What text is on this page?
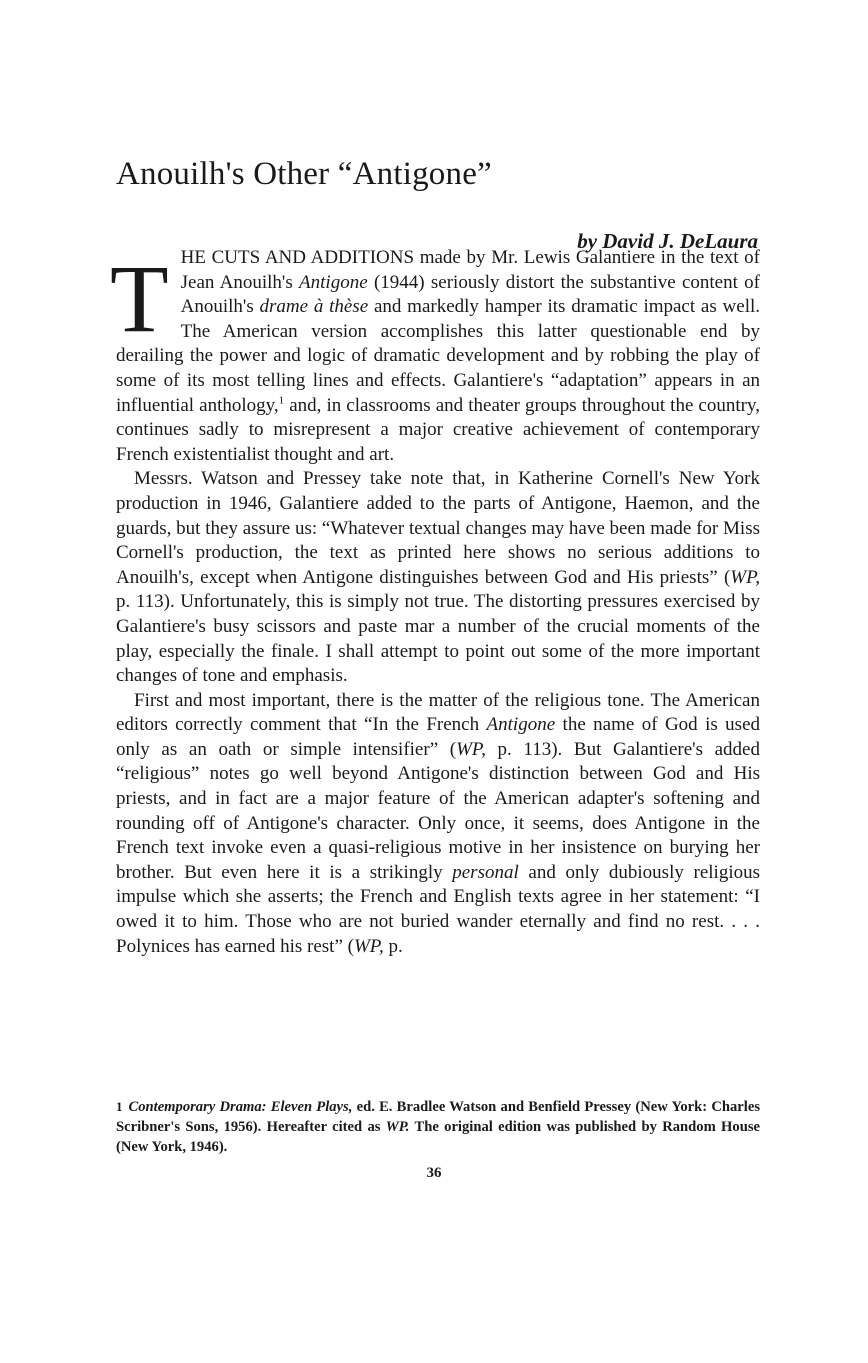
Anouilh's Other “Antigone”
by David J. DeLaura

T HE CUTS AND ADDITIONS made by Mr. Lewis Galantiere in the text of Jean Anouilh's Antigone (1944) seriously distort the substantive content of Anouilh's drame à thèse and markedly hamper its dramatic impact as well. The American version accomplishes this latter questionable end by derailing the power and logic of dramatic development and by robbing the play of some of its most telling lines and effects. Galantiere's “adaptation” appears in an influential anthology,$^1$ and, in classrooms and theater groups throughout the country, continues sadly to misrepresent a major creative achievement of contemporary French existentialist thought and art.

Messrs. Watson and Pressey take note that, in Katherine Cornell's New York production in 1946, Galantiere added to the parts of Antigone, Haemon, and the guards, but they assure us: “Whatever textual changes may have been made for Miss Cornell's production, the text as printed here shows no serious additions to Anouilh's, except when Antigone distinguishes between God and His priests” (WP, p. 113). Unfortunately, this is simply not true. The distorting pressures exercised by Galantiere's busy scissors and paste mar a number of the crucial moments of the play, especially the finale. I shall attempt to point out some of the more important changes of tone and emphasis.

First and most important, there is the matter of the religious tone. The American editors correctly comment that “In the French Antigone the name of God is used only as an oath or simple intensifier” (WP, p. 113). But Galantiere's added “religious” notes go well beyond Antigone's distinction between God and His priests, and in fact are a major feature of the American adapter's softening and rounding off of Antigone's character. Only once, it seems, does Antigone in the French text invoke even a quasi-religious motive in her insistence on burying her brother. But even here it is a strikingly personal and only dubiously religious impulse which she asserts; the French and English texts agree in her statement: “I owed it to him. Those who are not buried wander eternally and find no rest. . . . Polynices has earned his rest” (WP, p.

1 Contemporary Drama: Eleven Plays, ed. E. Bradlee Watson and Benfield Pressey (New York: Charles Scribner's Sons, 1956). Hereafter cited as WP. The original edition was published by Random House (New York, 1946).
36
